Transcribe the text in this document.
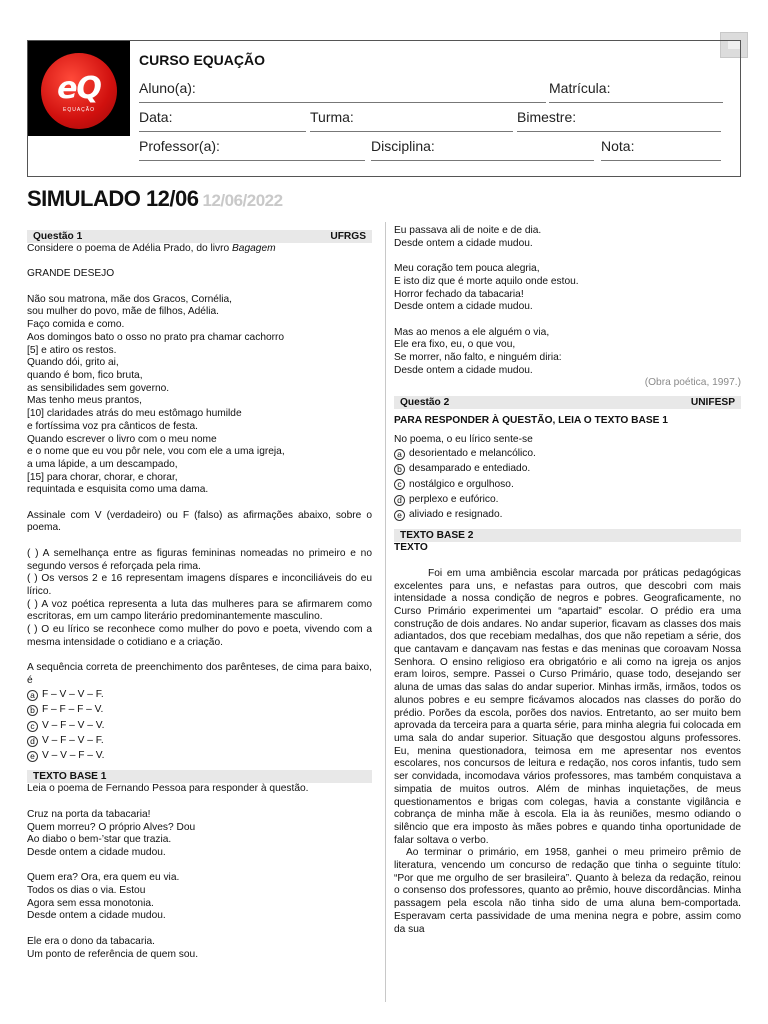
eQ
EQUAÇÃO
CURSO EQUAÇÃO
Aluno(a):	Matrícula:
Data:	Turma:	Bimestre:
Professor(a):	Disciplina:	Nota:
SIMULADO 12/06 12/06/2022
Questão 1	UFRGS

Considere o poema de Adélia Prado, do livro Bagagem

GRANDE DESEJO

Não sou matrona, mãe dos Gracos, Cornélia,

sou mulher do povo, mãe de filhos, Adélia.

Faço comida e como.

Aos domingos bato o osso no prato pra chamar cachorro

[5] e atiro os restos.

Quando dói, grito ai,

quando é bom, fico bruta,

as sensibilidades sem governo.

Mas tenho meus prantos,

[10] claridades atrás do meu estômago humilde

e fortíssima voz pra cânticos de festa.

Quando escrever o livro com o meu nome

e o nome que eu vou pôr nele, vou com ele a uma igreja,

a uma lápide, a um descampado,

[15] para chorar, chorar, e chorar,

requintada e esquisita como uma dama.

Assinale com V (verdadeiro) ou F (falso) as afirmações abaixo, sobre o poema.

( ) A semelhança entre as figuras femininas nomeadas no primeiro e no segundo versos é reforçada pela rima.

( ) Os versos 2 e 16 representam imagens díspares e inconciliáveis do eu lírico.

( ) A voz poética representa a luta das mulheres para se afirmarem como escritoras, em um campo literário predominantemente masculino.

( ) O eu lírico se reconhece como mulher do povo e poeta, vivendo com a mesma intensidade o cotidiano e a criação.

A sequência correta de preenchimento dos parênteses, de cima para baixo, é

a F – V – V – F.
b F – F – F – V.
c V – F – V – V.
d V – F – V – F.
e V – V – F – V.
TEXTO BASE 1

Leia o poema de Fernando Pessoa para responder à questão.

Cruz na porta da tabacaria!

Quem morreu? O próprio Alves? Dou

Ao diabo o bem-’star que trazia.

Desde ontem a cidade mudou.

Quem era? Ora, era quem eu via.

Todos os dias o via. Estou

Agora sem essa monotonia.

Desde ontem a cidade mudou.

Ele era o dono da tabacaria.

Um ponto de referência de quem sou.

Eu passava ali de noite e de dia.

Desde ontem a cidade mudou.

Meu coração tem pouca alegria,

E isto diz que é morte aquilo onde estou.

Horror fechado da tabacaria!

Desde ontem a cidade mudou.

Mas ao menos a ele alguém o via,

Ele era fixo, eu, o que vou,

Se morrer, não falto, e ninguém diria:

Desde ontem a cidade mudou.

(Obra poética, 1997.)

Questão 2	UNIFESP

PARA RESPONDER À QUESTÃO, LEIA O TEXTO BASE 1

No poema, o eu lírico sente-se

a desorientado e melancólico.
b desamparado e entediado.
c nostálgico e orgulhoso.
d perplexo e eufórico.
e aliviado e resignado.
TEXTO BASE 2

TEXTO

Foi em uma ambiência escolar marcada por práticas pedagógicas excelentes para uns, e nefastas para outros, que descobri com mais intensidade a nossa condição de negros e pobres. Geograficamente, no Curso Primário experimentei um “apartaid” escolar. O prédio era uma construção de dois andares. No andar superior, ficavam as classes dos mais adiantados, dos que recebiam medalhas, dos que não repetiam a série, dos que cantavam e dançavam nas festas e das meninas que coroavam Nossa Senhora. O ensino religioso era obrigatório e ali como na igreja os anjos eram loiros, sempre. Passei o Curso Primário, quase todo, desejando ser aluna de umas das salas do andar superior. Minhas irmãs, irmãos, todos os alunos pobres e eu sempre ficávamos alocados nas classes do porão do prédio. Porões da escola, porões dos navios. Entretanto, ao ser muito bem aprovada da terceira para a quarta série, para minha alegria fui colocada em uma sala do andar superior. Situação que desgostou alguns professores. Eu, menina questionadora, teimosa em me apresentar nos eventos escolares, nos concursos de leitura e redação, nos coros infantis, tudo sem ser convidada, incomodava vários professores, mas também conquistava a simpatia de muitos outros. Além de minhas inquietações, de meus questionamentos e brigas com colegas, havia a constante vigilância e cobrança de minha mãe à escola. Ela ia às reuniões, mesmo odiando o silêncio que era imposto às mães pobres e quando tinha oportunidade de falar soltava o verbo.

Ao terminar o primário, em 1958, ganhei o meu primeiro prêmio de literatura, vencendo um concurso de redação que tinha o seguinte título: “Por que me orgulho de ser brasileira”. Quanto à beleza da redação, reinou o consenso dos professores, quanto ao prêmio, houve discordâncias. Minha passagem pela escola não tinha sido de uma aluna bem-comportada. Esperavam certa passividade de uma menina negra e pobre, assim como da sua
